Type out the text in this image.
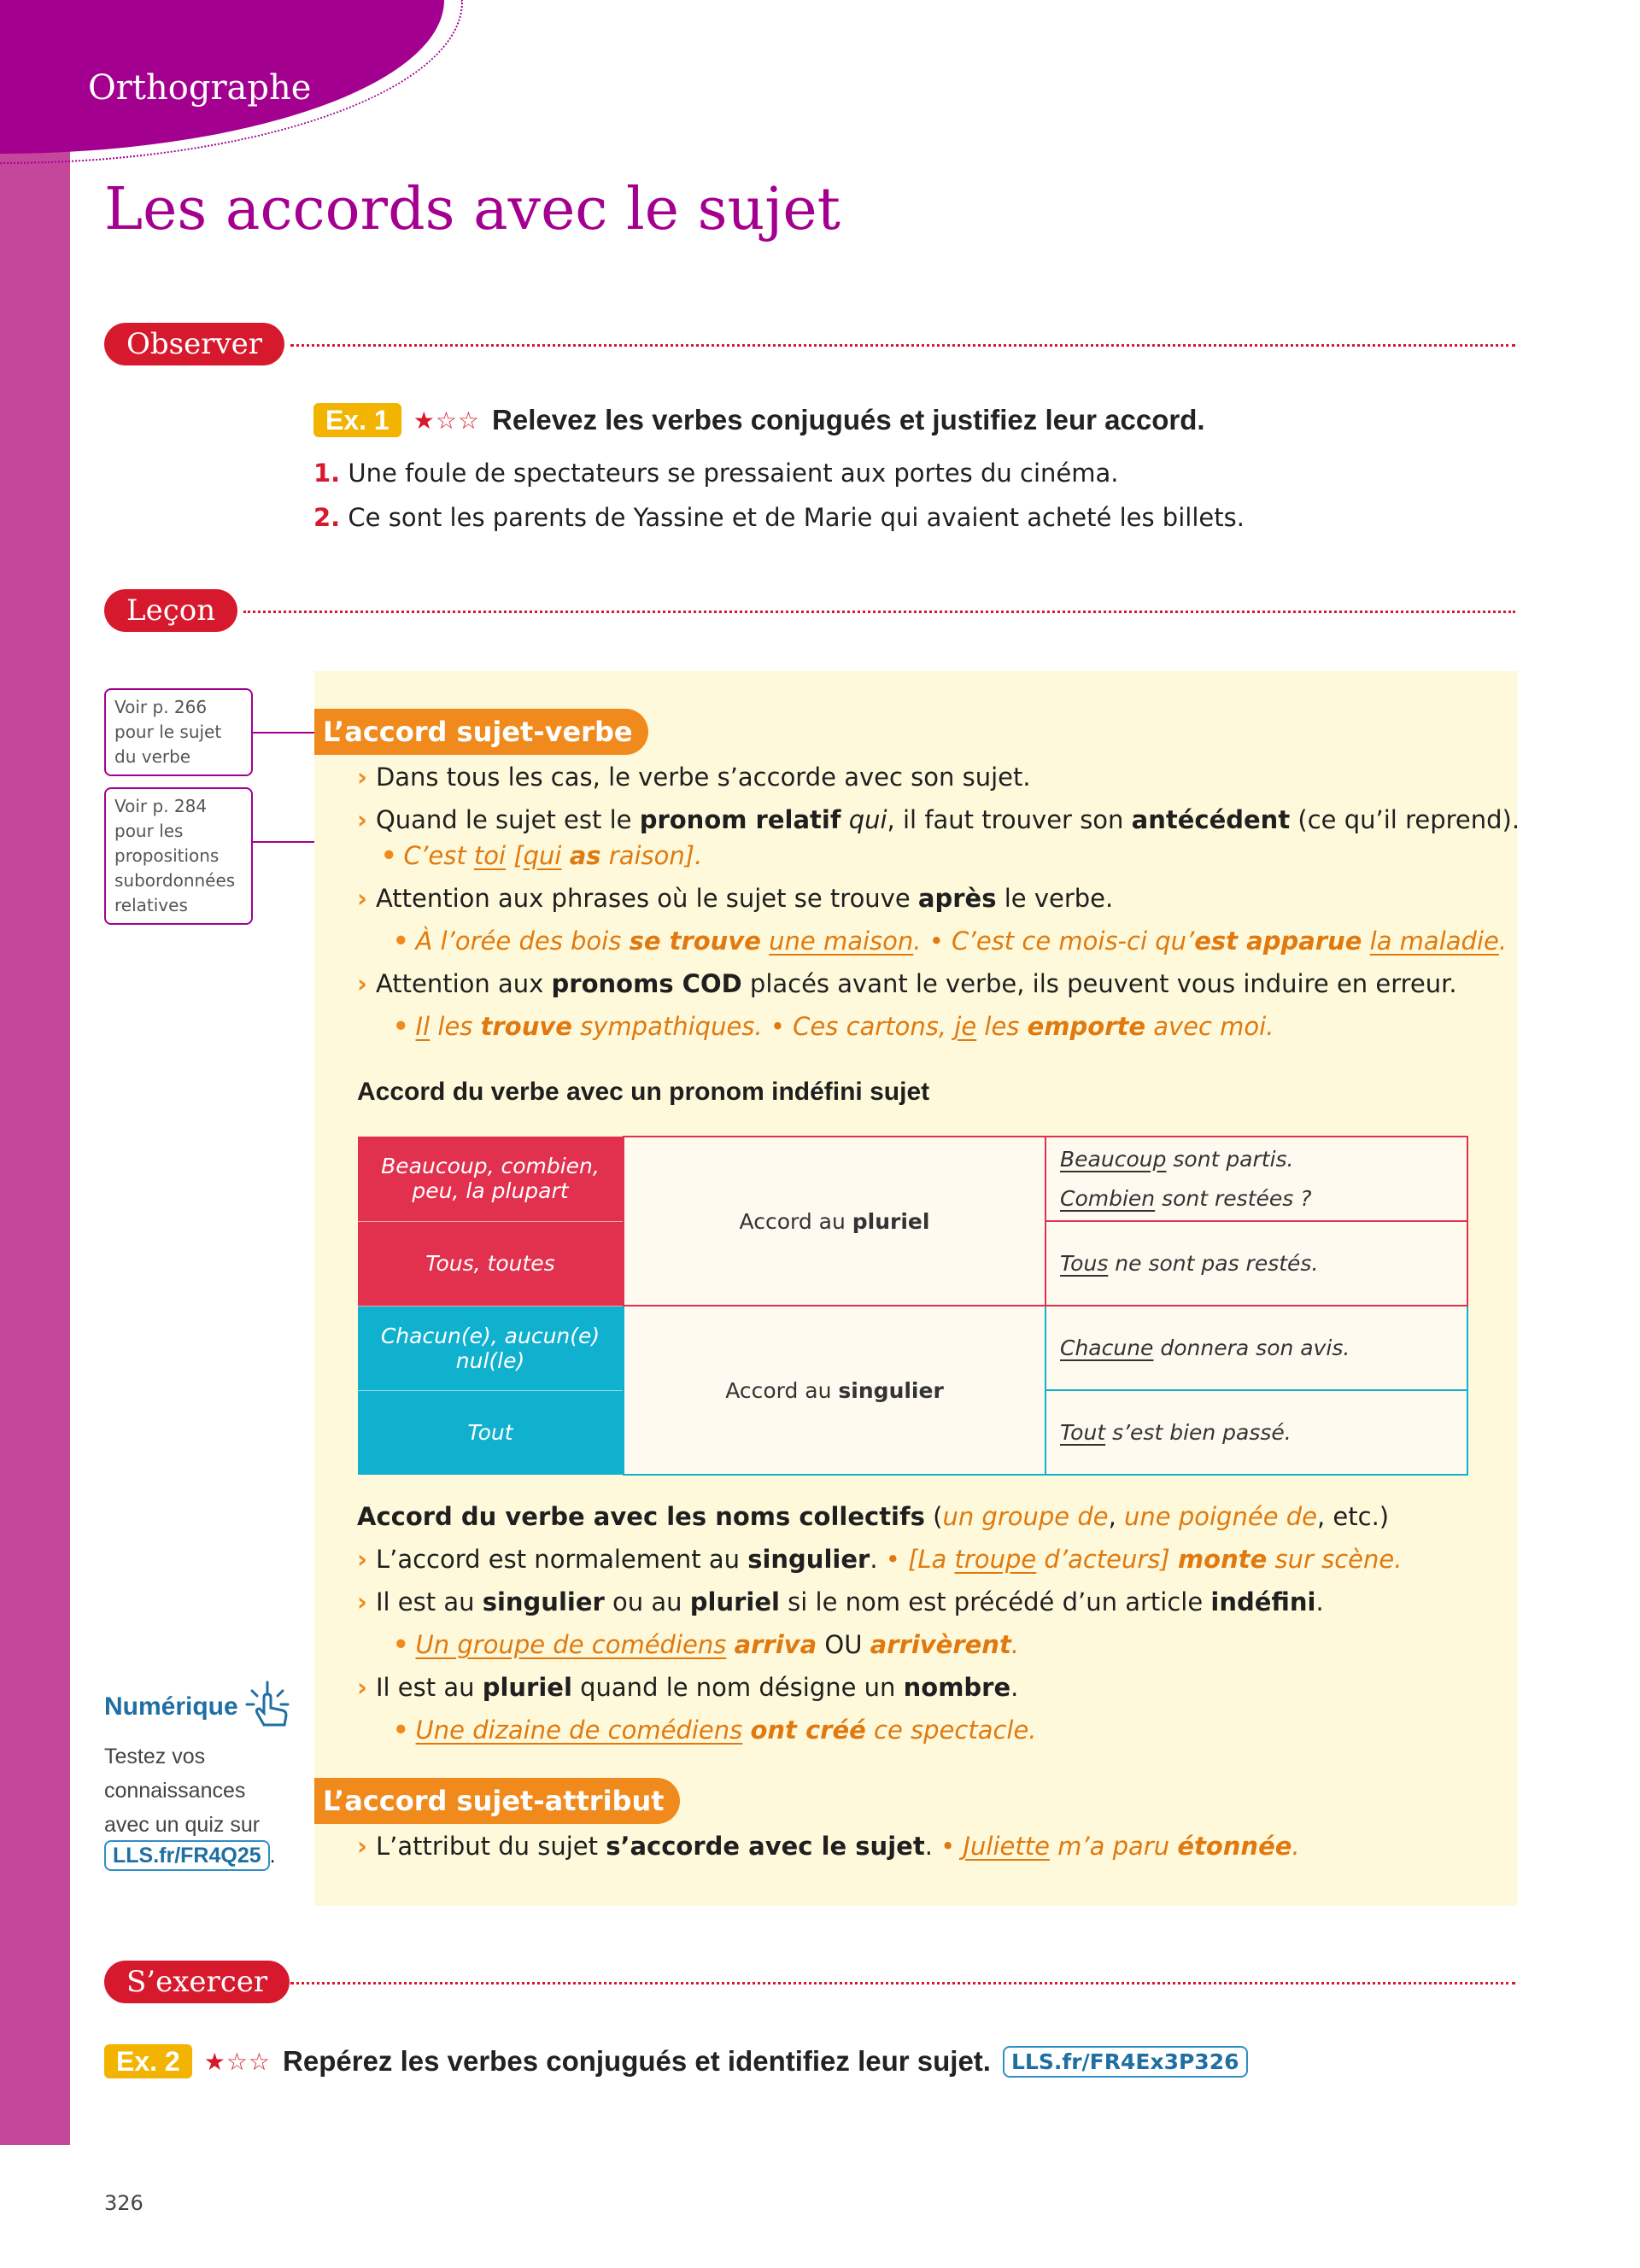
Orthographe
Les accords avec le sujet
Observer
Ex. 1	★☆☆ Relevez les verbes conjugués et justifiez leur accord.
1. Une foule de spectateurs se pressaient aux portes du cinéma.
2. Ce sont les parents de Yassine et de Marie qui avaient acheté les billets.
Leçon
Voir p. 266 pour le sujet du verbe
Voir p. 284 pour les propositions subordonnées relatives
L’accord sujet-verbe
› Dans tous les cas, le verbe s’accorde avec son sujet.
› Quand le sujet est le pronom relatif qui, il faut trouver son antécédent (ce qu’il reprend).
• C’est toi [qui as raison].
› Attention aux phrases où le sujet se trouve après le verbe.
• À l’orée des bois se trouve une maison. • C’est ce mois-ci qu’est apparue la maladie.
› Attention aux pronoms COD placés avant le verbe, ils peuvent vous induire en erreur.
• Il les trouve sympathiques. • Ces cartons, je les emporte avec moi.
Accord du verbe avec un pronom indéfini sujet
Beaucoup, combien, peu, la plupart	Accord au pluriel	Beaucoup sont partis.
Combien sont restées ?

Tous, toutes		Tous ne sont pas restés.
Chacun(e), aucun(e) nul(le)	Accord au singulier	Chacune donnera son avis.
Tout		Tout s’est bien passé.
Accord du verbe avec les noms collectifs (un groupe de, une poignée de, etc.)
› L’accord est normalement au singulier. • [La troupe d’acteurs] monte sur scène.
› Il est au singulier ou au pluriel si le nom est précédé d’un article indéfini.
• Un groupe de comédiens arriva OU arrivèrent.
› Il est au pluriel quand le nom désigne un nombre.
• Une dizaine de comédiens ont créé ce spectacle.
L’accord sujet-attribut
› L’attribut du sujet s’accorde avec le sujet. • Juliette m’a paru étonnée.
Numérique
Testez vos
connaissances
avec un quiz sur
LLS.fr/FR4Q25 .
S’exercer
Ex. 2	★☆☆ Repérez les verbes conjugués et identifiez leur sujet. LLS.fr/FR4Ex3P326
326
